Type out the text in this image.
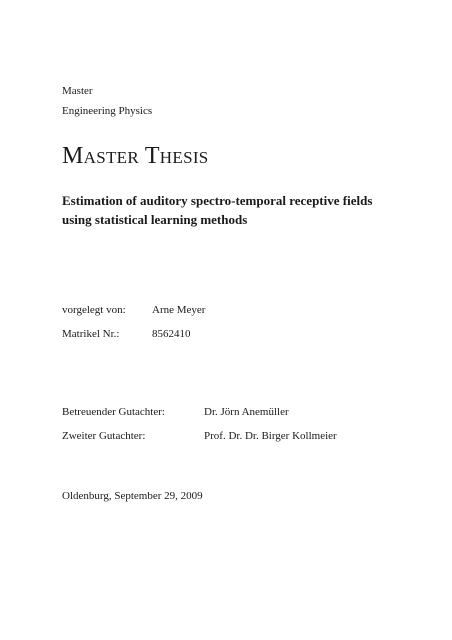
Master
Engineering Physics
Master Thesis
Estimation of auditory spectro-temporal receptive fields using statistical learning methods
vorgelegt von:	Arne Meyer
Matrikel Nr.:	8562410
Betreuender Gutachter:	Dr. Jörn Anemüller
Zweiter Gutachter:	Prof. Dr. Dr. Birger Kollmeier
Oldenburg, September 29, 2009
